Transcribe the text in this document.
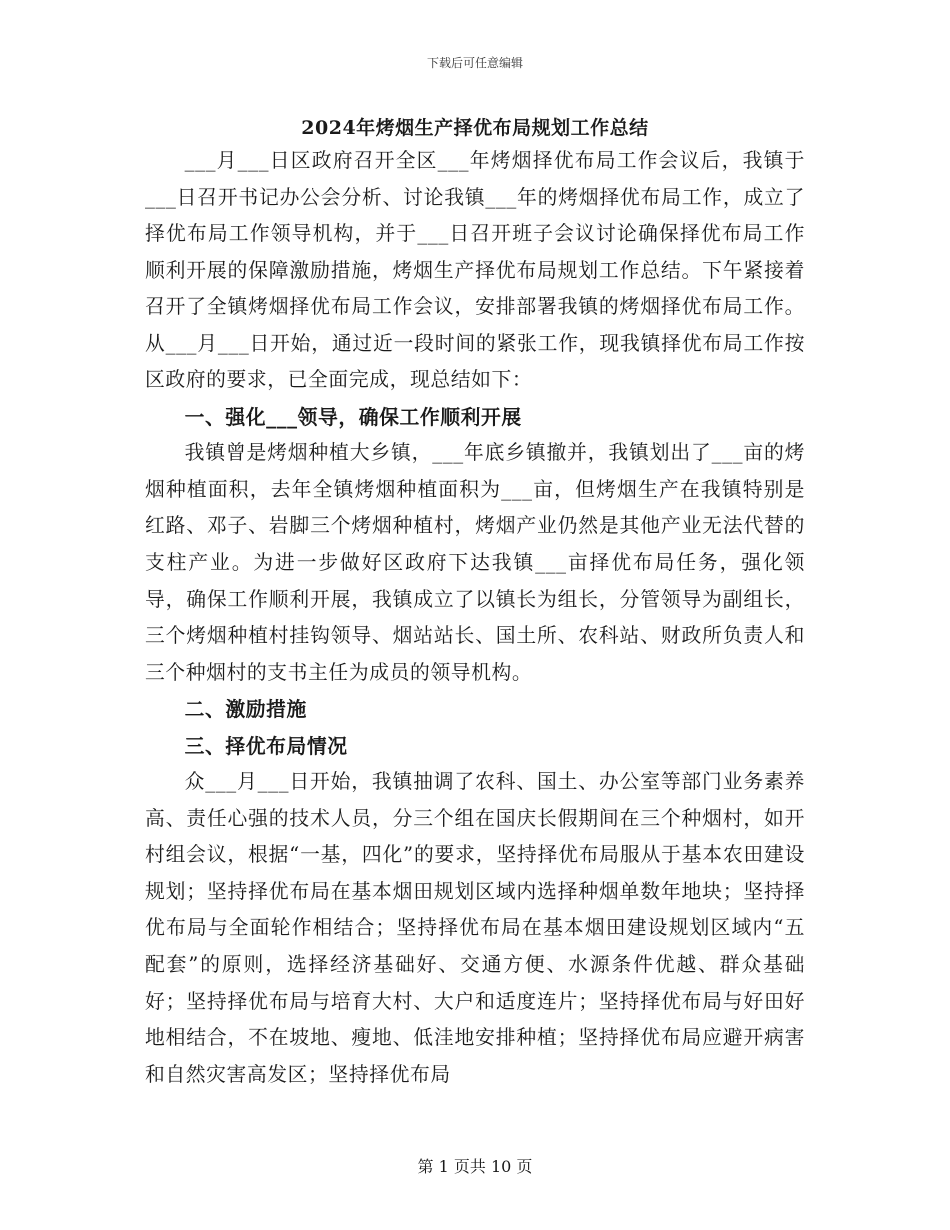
下载后可任意编辑
2024年烤烟生产择优布局规划工作总结

___月___日区政府召开全区___年烤烟择优布局工作会议后，我镇于___日召开书记办公会分析、讨论我镇___年的烤烟择优布局工作，成立了择优布局工作领导机构，并于___日召开班子会议讨论确保择优布局工作顺利开展的保障激励措施，烤烟生产择优布局规划工作总结。下午紧接着召开了全镇烤烟择优布局工作会议，安排部署我镇的烤烟择优布局工作。从___月___日开始，通过近一段时间的紧张工作，现我镇择优布局工作按区政府的要求，已全面完成，现总结如下：

一、强化___领导，确保工作顺利开展

我镇曾是烤烟种植大乡镇，___年底乡镇撤并，我镇划出了___亩的烤烟种植面积，去年全镇烤烟种植面积为___亩，但烤烟生产在我镇特别是红路、邓子、岩脚三个烤烟种植村，烤烟产业仍然是其他产业无法代替的支柱产业。为进一步做好区政府下达我镇___亩择优布局任务，强化领导，确保工作顺利开展，我镇成立了以镇长为组长，分管领导为副组长，三个烤烟种植村挂钩领导、烟站站长、国土所、农科站、财政所负责人和三个种烟村的支书主任为成员的领导机构。

二、激励措施
三、择优布局情况

众___月___日开始，我镇抽调了农科、国土、办公室等部门业务素养高、责任心强的技术人员，分三个组在国庆长假期间在三个种烟村，如开村组会议，根据“一基，四化”的要求，坚持择优布局服从于基本农田建设规划；坚持择优布局在基本烟田规划区域内选择种烟单数年地块；坚持择优布局与全面轮作相结合；坚持择优布局在基本烟田建设规划区域内“五配套”的原则，选择经济基础好、交通方便、水源条件优越、群众基础好；坚持择优布局与培育大村、大户和适度连片；坚持择优布局与好田好地相结合，不在坡地、瘦地、低洼地安排种植；坚持择优布局应避开病害和自然灾害高发区；坚持择优布局

第 1 页共 10 页
